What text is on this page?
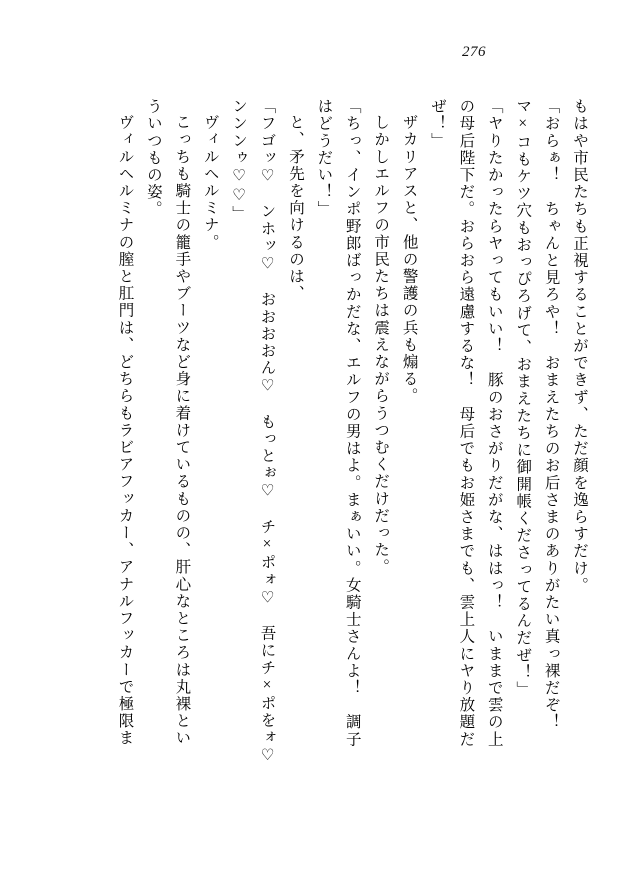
276
もはや市民たちも正視することができず、ただ顔を逸らすだけ。
「おらぁ！　ちゃんと見ろや！　おまえたちのお后さまのありがたい真っ裸だぞ！
マ×コもケツ穴もおっぴろげて、おまえたちに御開帳くださってるんだぜ！」
「ヤりたかったらヤってもいい！　豚のおさがりだがな、ははっ！　いままで雲の上
の母后陛下だ。おらおら遠慮するな！　母后でもお姫さまでも、雲上人にヤり放題だ
ぜ！」
ザカリアスと、他の警護の兵も煽る。
しかしエルフの市民たちは震えながらうつむくだけだった。
「ちっ、インポ野郎ばっかだな、エルフの男はよ。まぁいい。女騎士さんよ！　調子
はどうだい！」
と、矛先を向けるのは、
「フゴッ♡　ンホッ♡　おおおおん♡　もっとぉ♡　チ×ポォ♡　吾にチ×ポをォ♡
ンンンゥ♡♡」
ヴィルヘルミナ。
こっちも騎士の籠手やブーツなど身に着けているものの、肝心なところは丸裸とい
ういつもの姿。
ヴィルヘルミナの膣と肛門は、どちらもラビアフッカー、アナルフッカーで極限ま
